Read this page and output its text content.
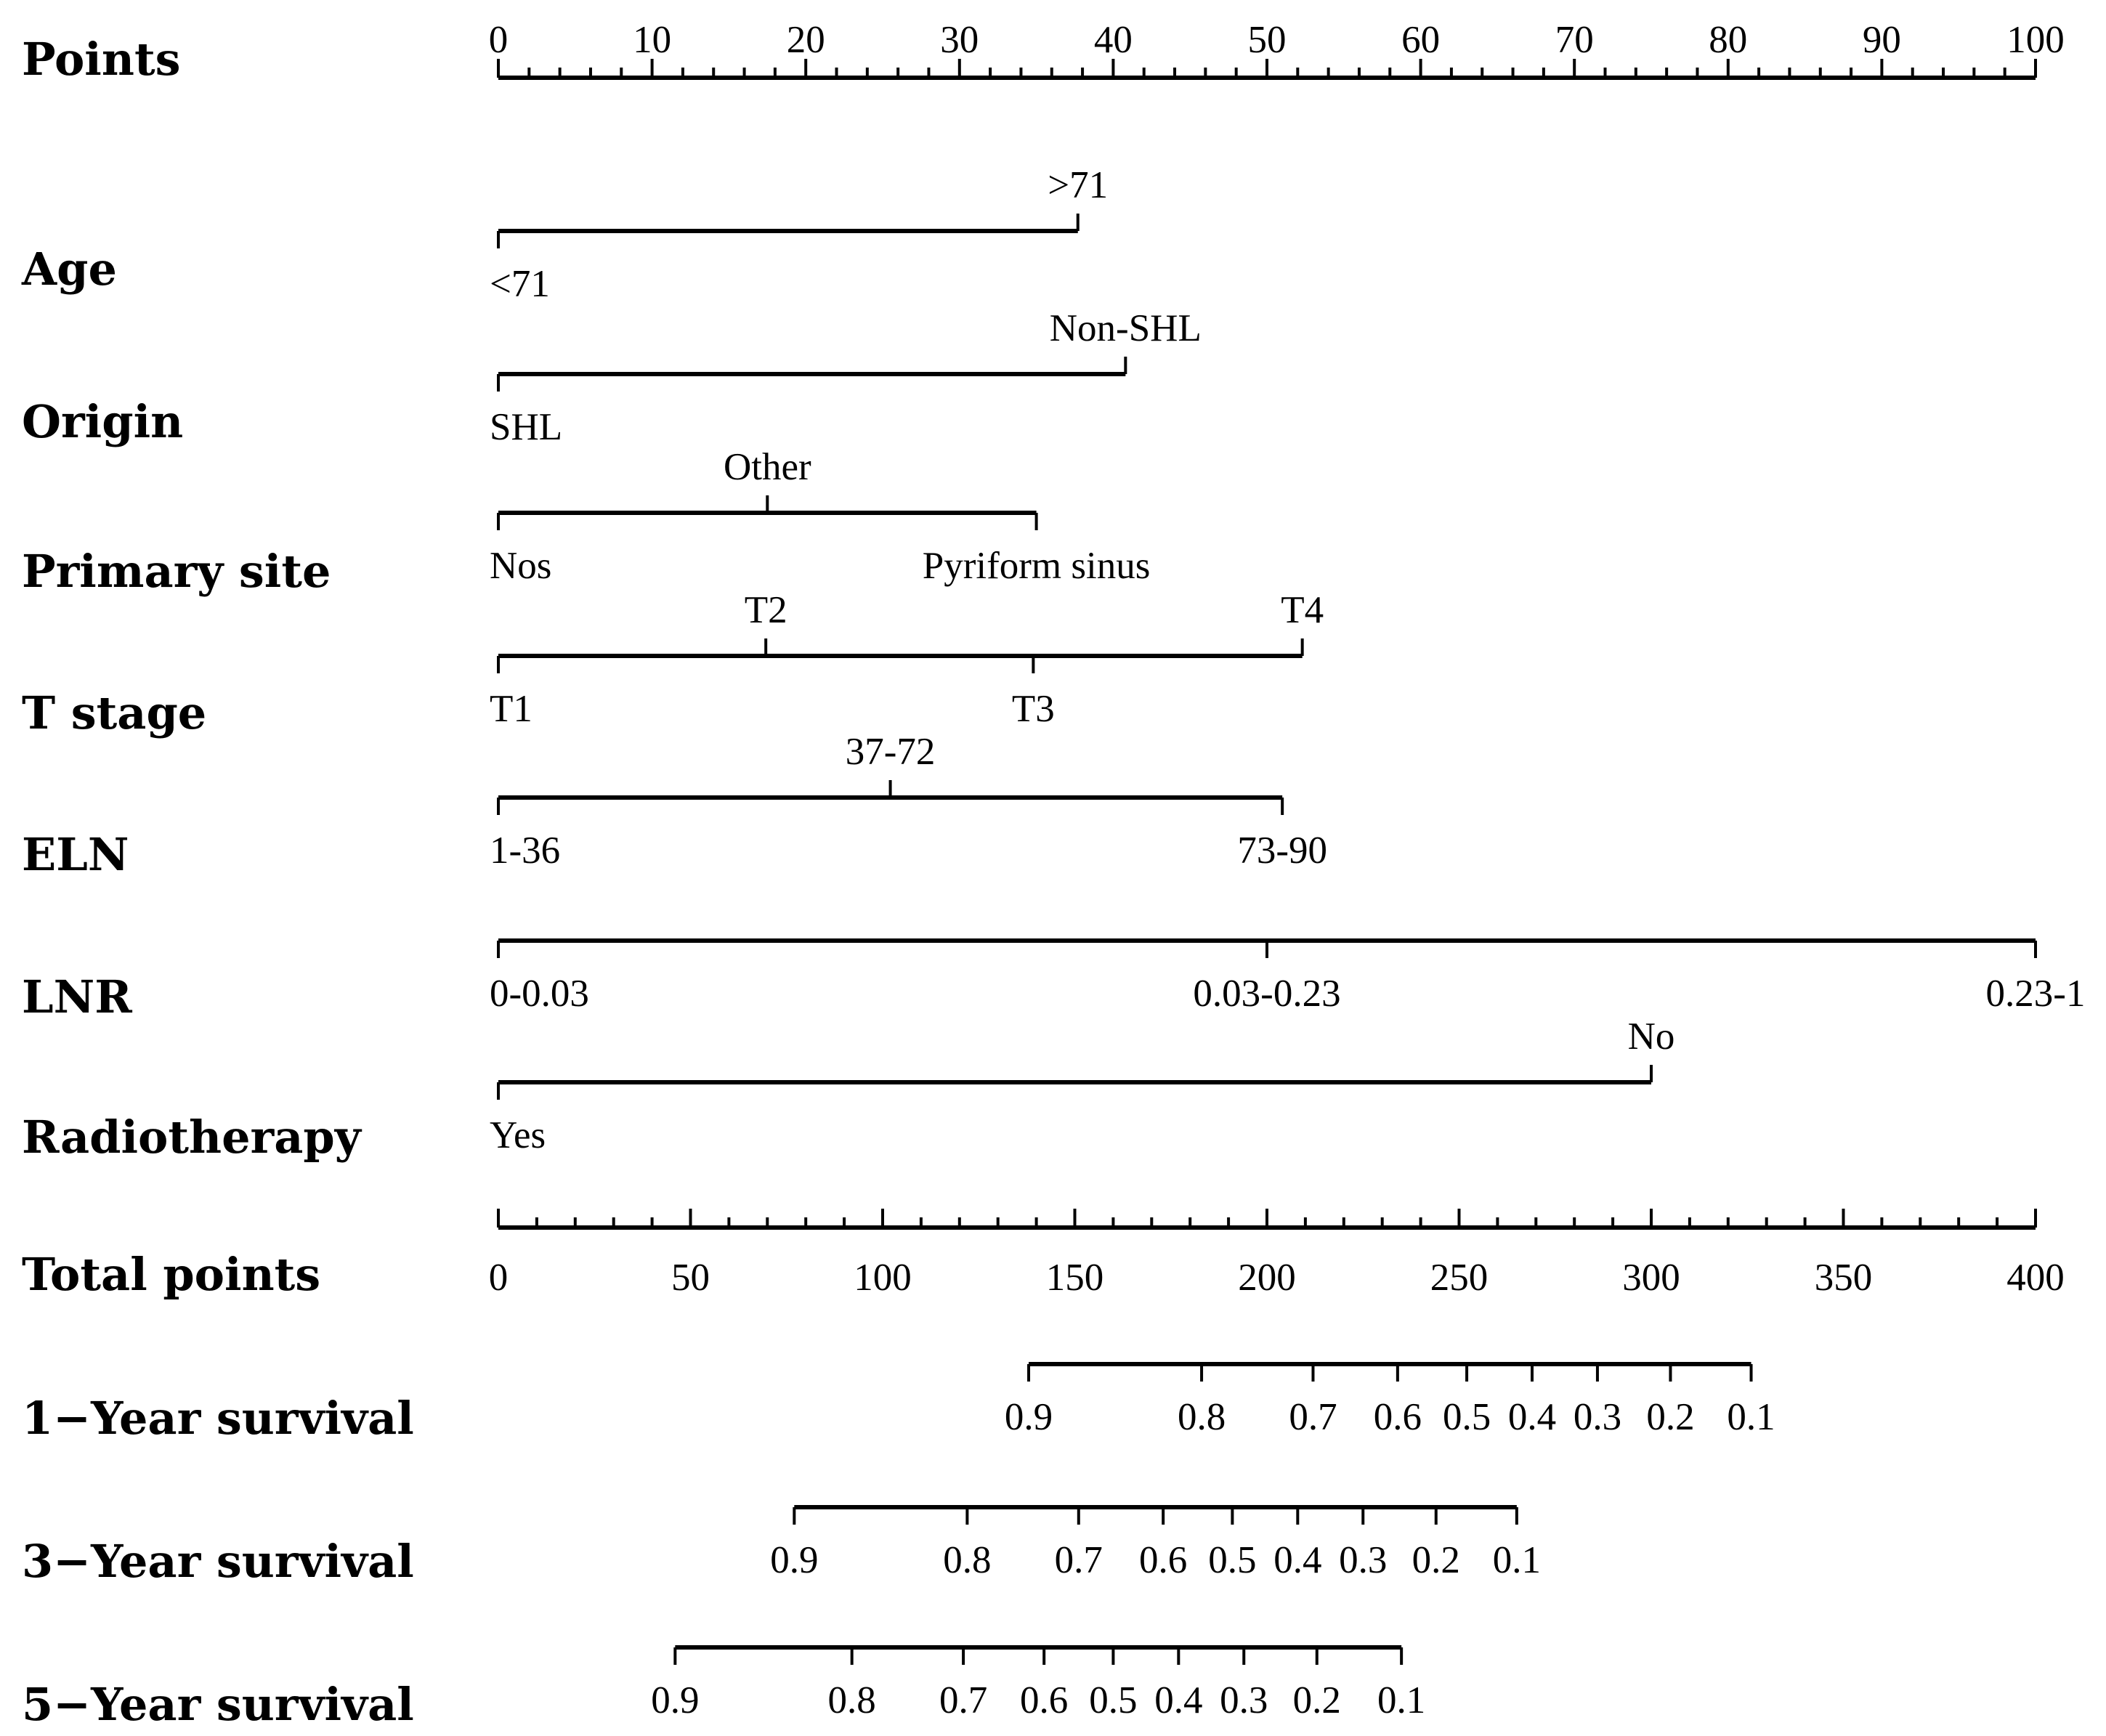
Points	0	10	20	30	40	50	60	70	80	90	100
Age	<71
>71
Origin	SHL
Non-SHL
Primary site	Nos
Other
Pyriform sinus
T stage	T1
T2
T3
T4
ELN	1-36
37-72
73-90
LNR	0-0.03	0.03-0.23	0.23-1
Radiotherapy	Yes
No
Total points	0	50	100	150	200	250	300	350	400
1−Year survival	0.9	0.8 0.7 0.6 0.5 0.4 0.3 0.2 0.1
3−Year survival	0.9	0.8 0.7 0.6 0.5 0.4 0.3 0.2 0.1
5−Year survival	0.9	0.8 0.7 0.6 0.5 0.4 0.3 0.2 0.1
